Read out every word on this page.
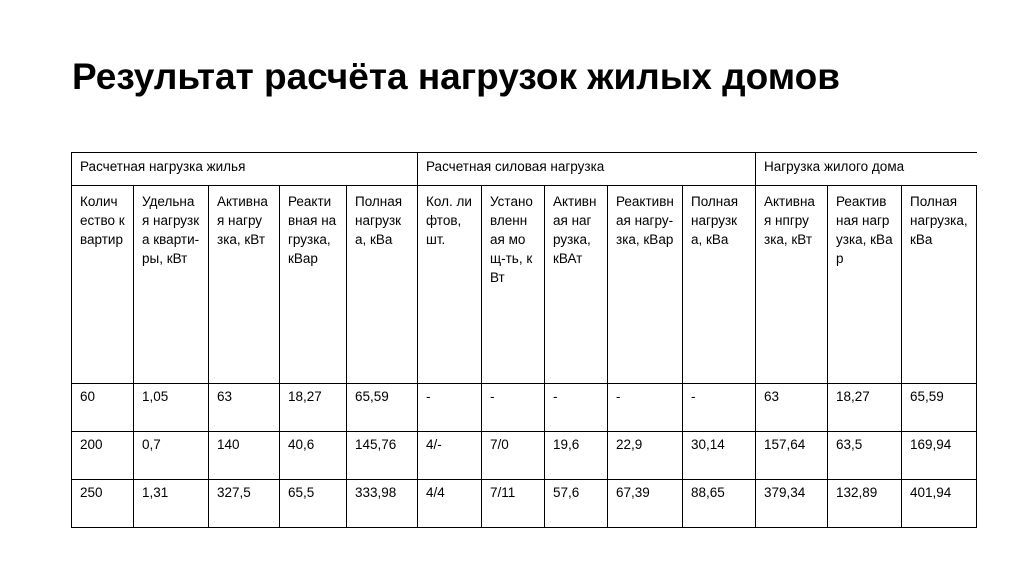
Результат расчёта нагрузок жилых домов
Расчетная нагрузка жилья					Расчетная силовая нагрузка					Нагрузка жилого дома		
Количество квартир	Удельная нагрузка квартиры, кВт	Активная нагрузка, кВт	Реактивная нагрузка, кВар	Полная нагрузка, кВа	Кол. лифтов, шт.	Установленная мощ-ть, кВт	Активная нагрузка, кВАт	Реактивная нагрузка, кВар	Полная нагрузка, кВа	Активная нпгрузка, кВт	Реактивная нагрузка, кВар	Полная нагрузка, кВа
60	1,05	63	18,27	65,59	-	-	-	-	-	63	18,27	65,59
200	0,7	140	40,6	145,76	4/-	7/0	19,6	22,9	30,14	157,64	63,5	169,94
250	1,31	327,5	65,5	333,98	4/4	7/11	57,6	67,39	88,65	379,34	132,89	401,94
